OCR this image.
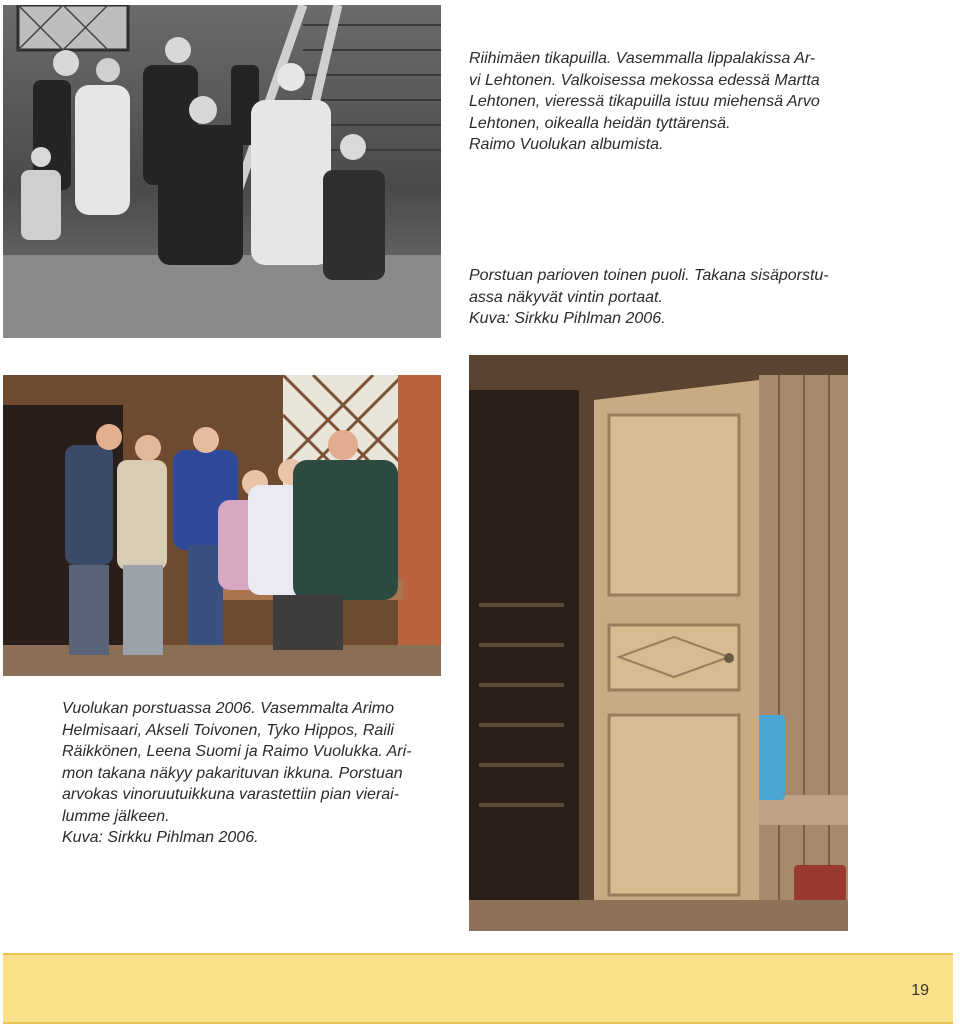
Riihimäen tikapuilla. Vasemmalla lippalakissa Ar-
vi Lehtonen. Valkoisessa mekossa edessä Martta
Lehtonen, vieressä tikapuilla istuu miehensä Arvo
Lehtonen, oikealla heidän tyttärensä.
Raimo Vuolukan albumista.
Porstuan parioven toinen puoli. Takana sisäporstu-
assa näkyvät vintin portaat.
Kuva: Sirkku Pihlman 2006.
Vuolukan porstuassa 2006. Vasemmalta Arimo
Helmisaari, Akseli Toivonen, Tyko Hippos, Raili
Räikkönen, Leena Suomi ja Raimo Vuolukka. Ari-
mon takana näkyy pakarituvan ikkuna. Porstuan
arvokas vinoruutuikkuna varastettiin pian vierai-
lumme jälkeen.
Kuva: Sirkku Pihlman 2006.
19
